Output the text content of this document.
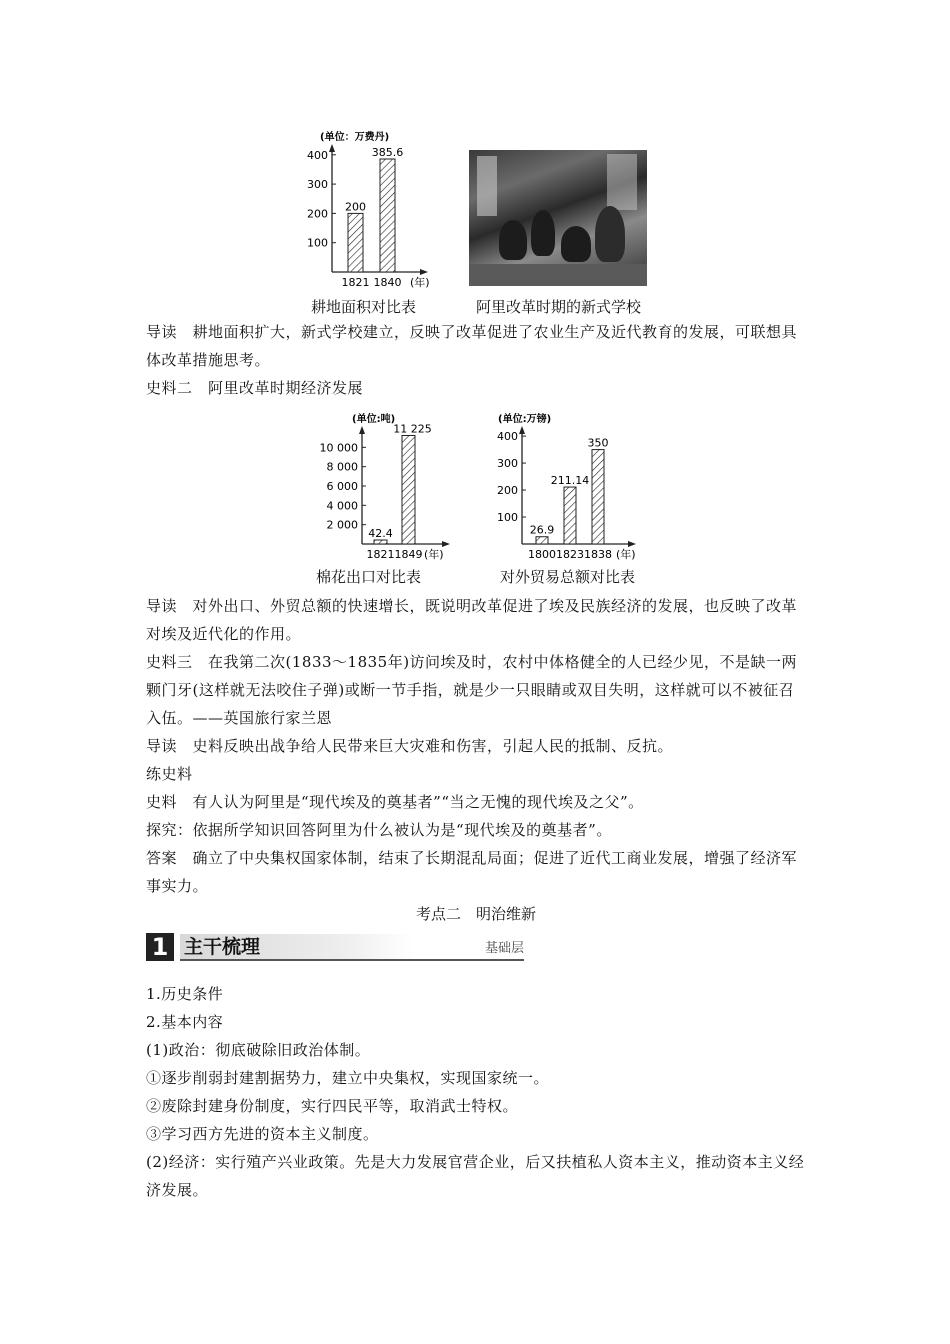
(单位：万费丹)
400
300
200
100
200
1821
385.6
1840 (年)
耕地面积对比表	阿里改革时期的新式学校

导读　耕地面积扩大，新式学校建立，反映了改革促进了农业生产及近代教育的发展，可联想具体改革措施思考。

史料二　阿里改革时期经济发展

(单位:吨)
10 000
8 000
6 000
4 000
2 000
42.4
1821
11 225
1849 (年)
(单位:万镑)
400
300
200
100
26.9
1800
211.14
1823
350
1838 (年)
棉花出口对比表	对外贸易总额对比表

导读　对外出口、外贸总额的快速增长，既说明改革促进了埃及民族经济的发展，也反映了改革对埃及近代化的作用。

史料三　在我第二次(1833～1835年)访问埃及时，农村中体格健全的人已经少见，不是缺一两颗门牙(这样就无法咬住子弹)或断一节手指，就是少一只眼睛或双目失明，这样就可以不被征召入伍。——英国旅行家兰恩

导读　史料反映出战争给人民带来巨大灾难和伤害，引起人民的抵制、反抗。

练史料

史料　有人认为阿里是“现代埃及的奠基者”“当之无愧的现代埃及之父”。

探究：依据所学知识回答阿里为什么被认为是“现代埃及的奠基者”。

答案　确立了中央集权国家体制，结束了长期混乱局面；促进了近代工商业发展，增强了经济军事实力。

考点二　明治维新
1 主干梳理	基础层

1.历史条件

2.基本内容

(1)政治：彻底破除旧政治体制。

①逐步削弱封建割据势力，建立中央集权，实现国家统一。

②废除封建身份制度，实行四民平等，取消武士特权。

③学习西方先进的资本主义制度。

(2)经济：实行殖产兴业政策。先是大力发展官营企业，后又扶植私人资本主义，推动资本主义经济发展。
